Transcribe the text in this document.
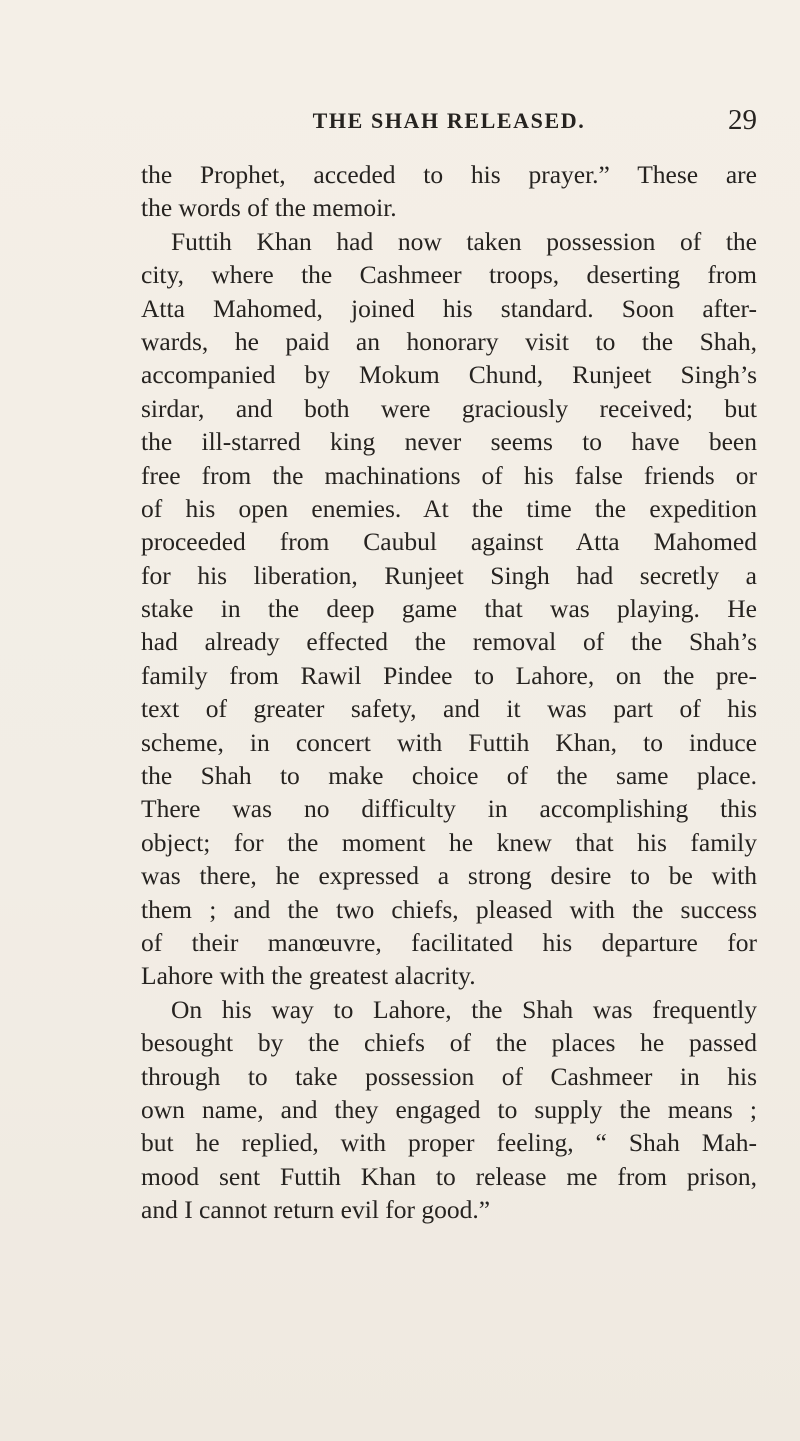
THE SHAH RELEASED.	29
the Prophet, acceded to his prayer.” These are
the words of the memoir.
Futtih Khan had now taken possession of the
city, where the Cashmeer troops, deserting from
Atta Mahomed, joined his standard. Soon after-
wards, he paid an honorary visit to the Shah,
accompanied by Mokum Chund, Runjeet Singh’s
sirdar, and both were graciously received; but
the ill-starred king never seems to have been
free from the machinations of his false friends or
of his open enemies. At the time the expedition
proceeded from Caubul against Atta Mahomed
for his liberation, Runjeet Singh had secretly a
stake in the deep game that was playing. He
had already effected the removal of the Shah’s
family from Rawil Pindee to Lahore, on the pre-
text of greater safety, and it was part of his
scheme, in concert with Futtih Khan, to induce
the Shah to make choice of the same place.
There was no difficulty in accomplishing this
object; for the moment he knew that his family
was there, he expressed a strong desire to be with
them ; and the two chiefs, pleased with the success
of their manœuvre, facilitated his departure for
Lahore with the greatest alacrity.
On his way to Lahore, the Shah was frequently
besought by the chiefs of the places he passed
through to take possession of Cashmeer in his
own name, and they engaged to supply the means ;
but he replied, with proper feeling, “ Shah Mah-
mood sent Futtih Khan to release me from prison,
and I cannot return evil for good.”
